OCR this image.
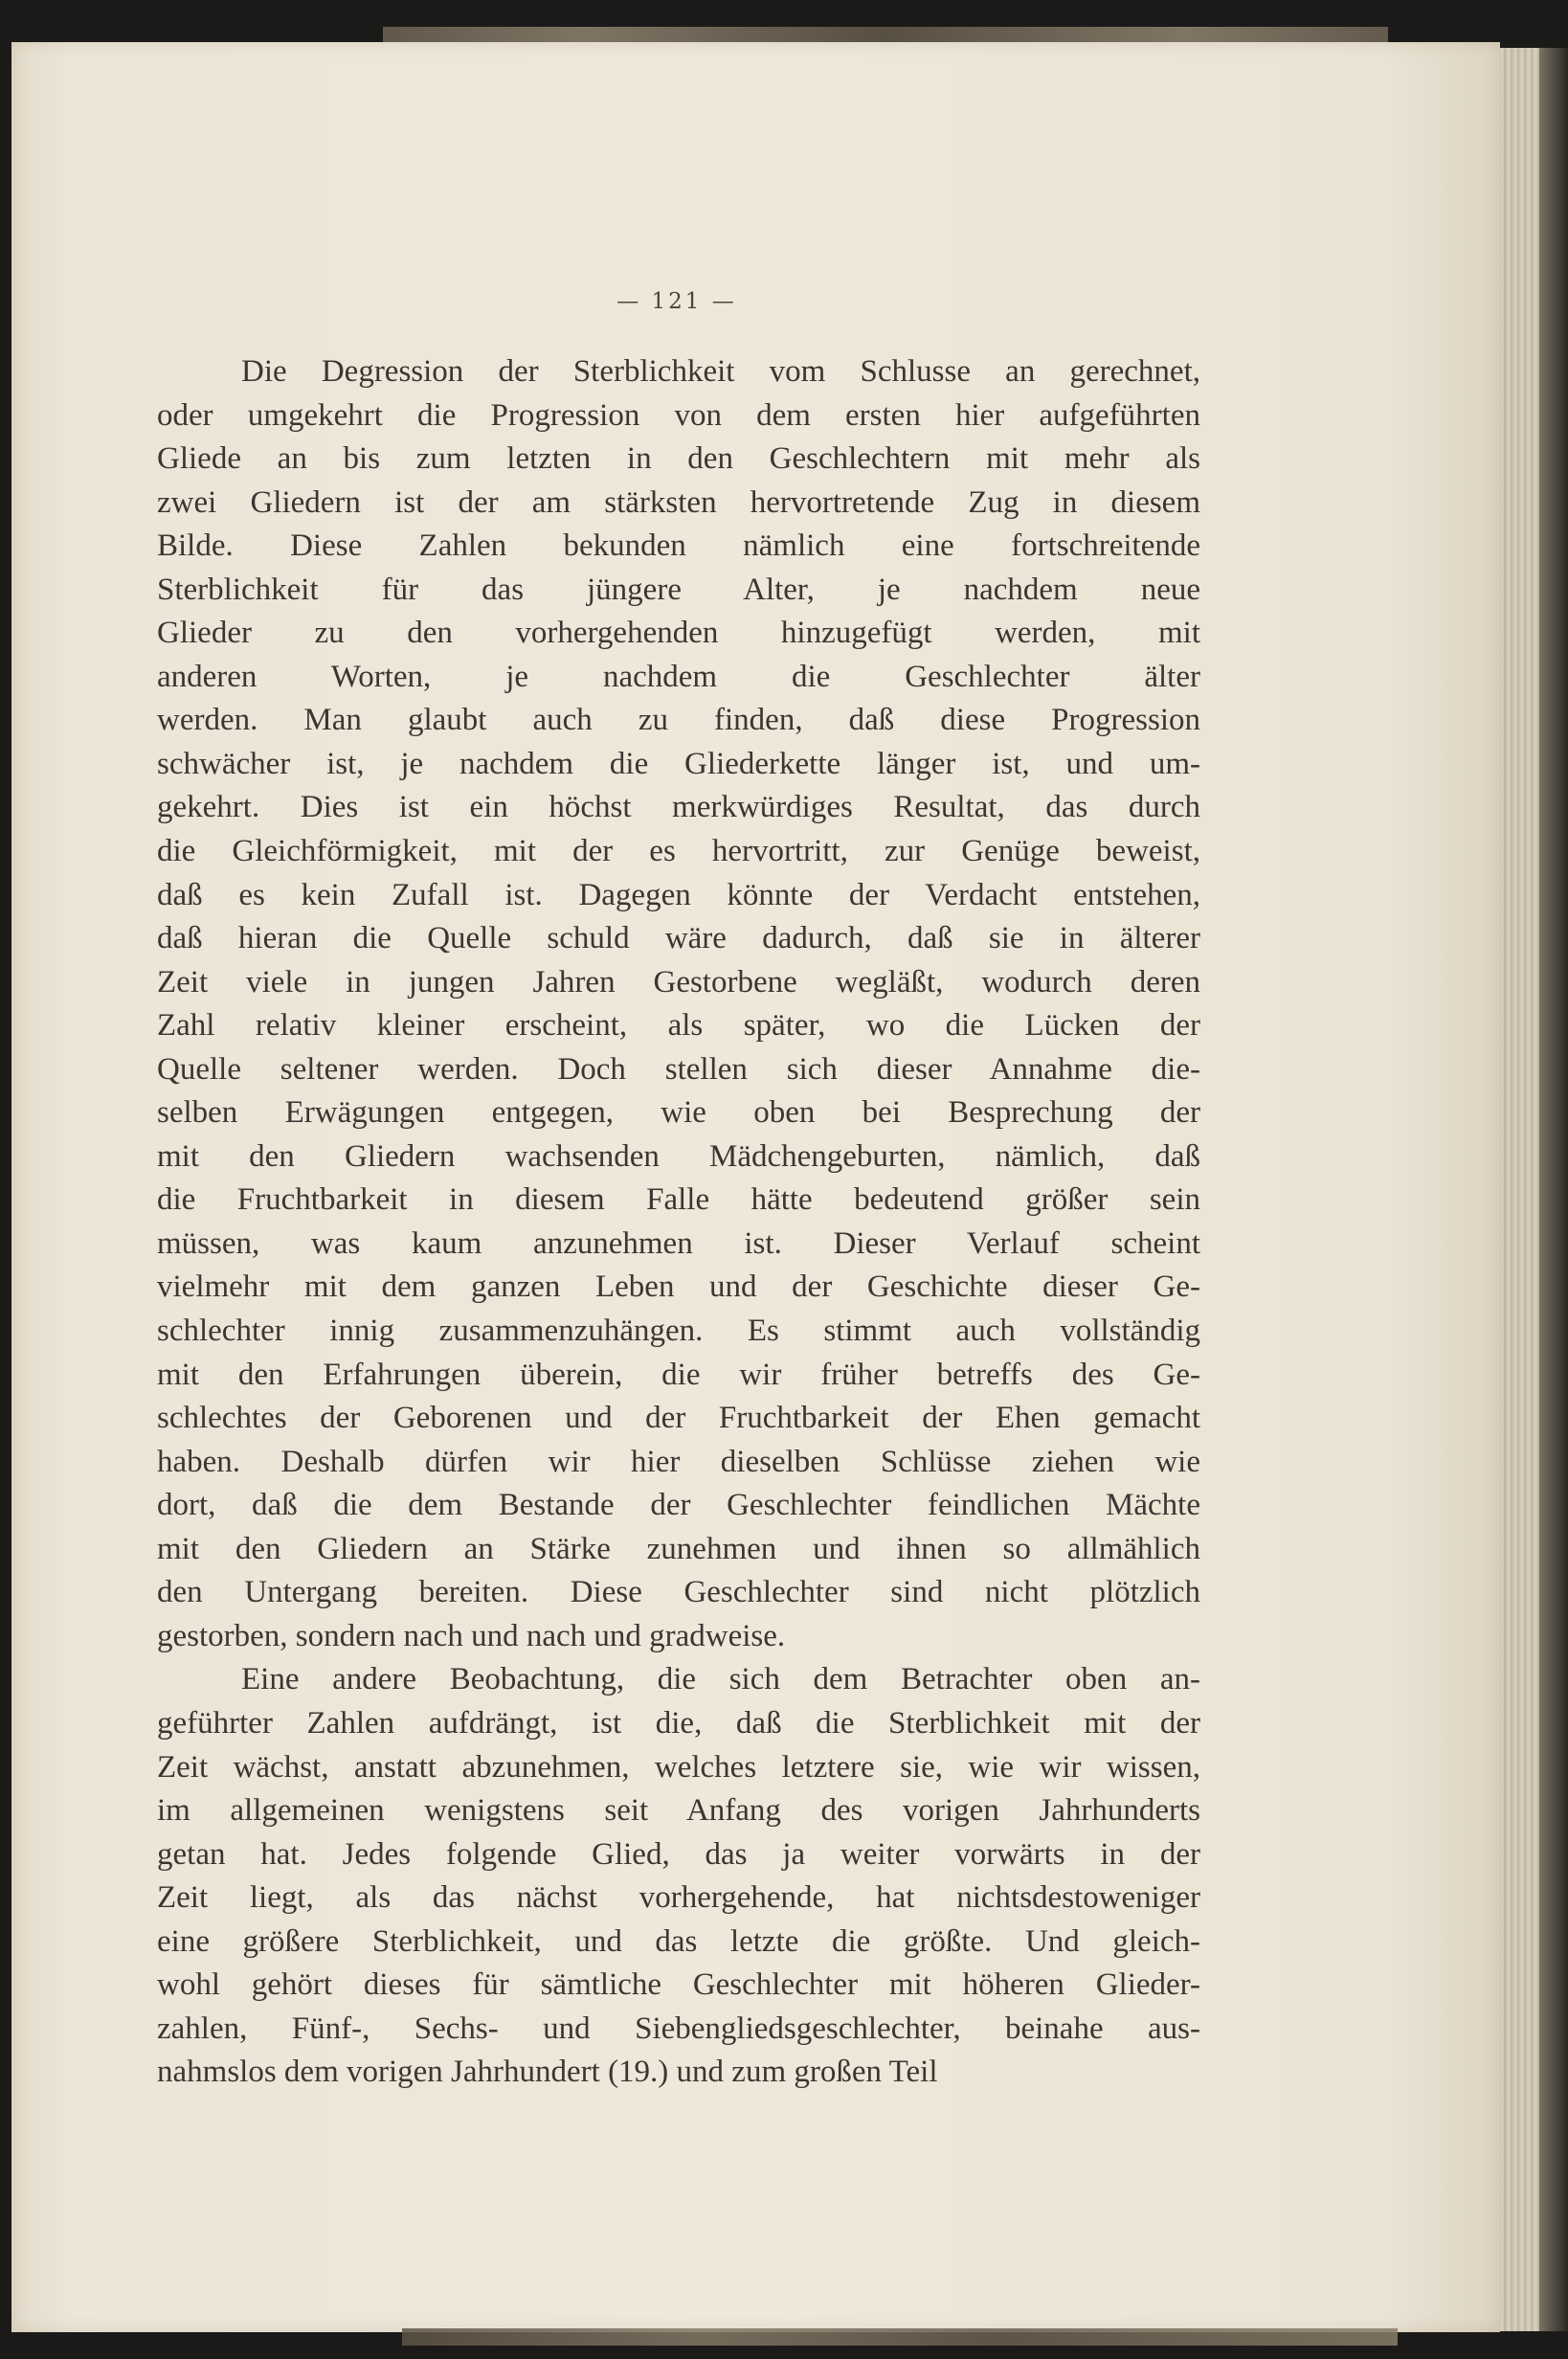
— 121 —

Die Degression der Sterblichkeit vom Schlusse an gerechnet,
oder umgekehrt die Progression von dem ersten hier aufgeführten
Gliede an bis zum letzten in den Geschlechtern mit mehr als
zwei Gliedern ist der am stärksten hervortretende Zug in diesem
Bilde. Diese Zahlen bekunden nämlich eine fortschreitende
Sterblichkeit für das jüngere Alter, je nachdem neue
Glieder zu den vorhergehenden hinzugefügt werden, mit
anderen Worten, je nachdem die Geschlechter älter
werden. Man glaubt auch zu finden, daß diese Progression
schwächer ist, je nachdem die Gliederkette länger ist, und um-
gekehrt. Dies ist ein höchst merkwürdiges Resultat, das durch
die Gleichförmigkeit, mit der es hervortritt, zur Genüge beweist,
daß es kein Zufall ist. Dagegen könnte der Verdacht entstehen,
daß hieran die Quelle schuld wäre dadurch, daß sie in älterer
Zeit viele in jungen Jahren Gestorbene wegläßt, wodurch deren
Zahl relativ kleiner erscheint, als später, wo die Lücken der
Quelle seltener werden. Doch stellen sich dieser Annahme die-
selben Erwägungen entgegen, wie oben bei Besprechung der
mit den Gliedern wachsenden Mädchengeburten, nämlich, daß
die Fruchtbarkeit in diesem Falle hätte bedeutend größer sein
müssen, was kaum anzunehmen ist. Dieser Verlauf scheint
vielmehr mit dem ganzen Leben und der Geschichte dieser Ge-
schlechter innig zusammenzuhängen. Es stimmt auch vollständig
mit den Erfahrungen überein, die wir früher betreffs des Ge-
schlechtes der Geborenen und der Fruchtbarkeit der Ehen gemacht
haben. Deshalb dürfen wir hier dieselben Schlüsse ziehen wie
dort, daß die dem Bestande der Geschlechter feindlichen Mächte
mit den Gliedern an Stärke zunehmen und ihnen so allmählich
den Untergang bereiten. Diese Geschlechter sind nicht plötzlich
gestorben, sondern nach und nach und gradweise.

Eine andere Beobachtung, die sich dem Betrachter oben an-
geführter Zahlen aufdrängt, ist die, daß die Sterblichkeit mit der
Zeit wächst, anstatt abzunehmen, welches letztere sie, wie wir wissen,
im allgemeinen wenigstens seit Anfang des vorigen Jahrhunderts
getan hat. Jedes folgende Glied, das ja weiter vorwärts in der
Zeit liegt, als das nächst vorhergehende, hat nichtsdestoweniger
eine größere Sterblichkeit, und das letzte die größte. Und gleich-
wohl gehört dieses für sämtliche Geschlechter mit höheren Glieder-
zahlen, Fünf-, Sechs- und Siebengliedsgeschlechter, beinahe aus-
nahmslos dem vorigen Jahrhundert (19.) und zum großen Teil
